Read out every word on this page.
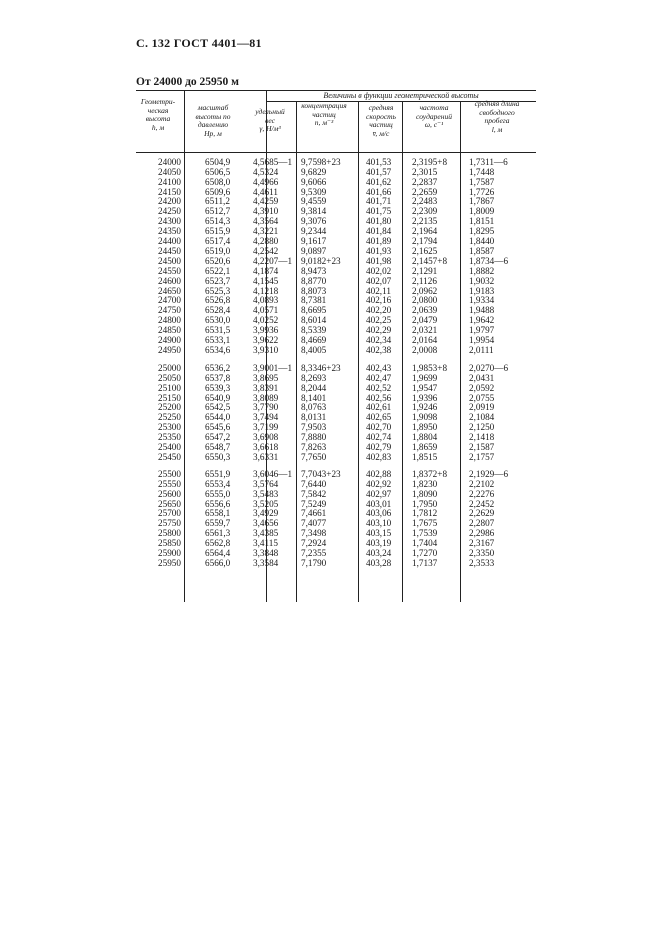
С. 132 ГОСТ 4401—81
От 24000 до 25950 м
Величины в функции геометрической высоты
Геометри-
ческая
высота
h, м
масштаб
высоты по
давлению
Hр, м
удельный
вес
γ, Н/м³
концентрация
частиц
n, м⁻³
средняя
скорость
частиц
v̄, м/с
частота
соударений
ω, с⁻¹
средняя длина
свободного
пробега
l, м
24000	6504,9 4,5685—1 9,7598+23	401,53 2,3195+8 1,7311—6
24050	6506,5 4,5324 9,6829	401,57 2,3015	1,7448
24100	6508,0 4,4966 9,6066	401,62 2,2837	1,7587
24150	6509,6 4,4611	9,5309	401,66 2,2659	1,7726
24200	6511,2	4,4259 9,4559	401,71 2,2483	1,7867
24250	6512,7 4,3910 9,3814	401,75 2,2309	1,8009
24300	6514,3 4,3564 9,3076	401,80 2,2135	1,8151
24350	6515,9 4,3221 9,2344	401,84 2,1964	1,8295
24400	6517,4 4,2880 9,1617	401,89 2,1794	1,8440
24450	6519,0 4,2542 9,0897	401,93 2,1625	1,8587
24500	6520,6 4,2207—1 9,0182+23	401,98 2,1457+8 1,8734—6
24550	6522,1 4,1874 8,9473	402,02 2,1291	1,8882
24600	6523,7 4,1545 8,8770	402,07 2,1126	1,9032
24650	6525,3 4,1218 8,8073	402,11 2,0962	1,9183
24700	6526,8 4,0893 8,7381	402,16 2,0800	1,9334
24750	6528,4 4,0571 8,6695	402,20 2,0639	1,9488
24800	6530,0 4,0252 8,6014	402,25 2,0479	1,9642
24850	6531,5 3,9936 8,5339	402,29 2,0321	1,9797
24900	6533,1 3,9622 8,4669	402,34 2,0164	1,9954
24950	6534,6 3,9310 8,4005	402,38 2,0008	2,0111
25000	6536,2 3,9001—1 8,3346+23	402,43 1,9853+8 2,0270—6
25050	6537,8 3,8695 8,2693	402,47 1,9699	2,0431
25100	6539,3 3,8391 8,2044	402,52 1,9547	2,0592
25150	6540,9 3,8089 8,1401	402,56 1,9396	2,0755
25200	6542,5 3,7790 8,0763	402,61 1,9246	2,0919
25250	6544,0 3,7494 8,0131	402,65 1,9098	2,1084
25300	6545,6 3,7199 7,9503	402,70 1,8950	2,1250
25350	6547,2 3,6908 7,8880	402,74 1,8804	2,1418
25400	6548,7 3,6618 7,8263	402,79 1,8659	2,1587
25450	6550,3 3,6331 7,7650	402,83 1,8515	2,1757
25500	6551,9 3,6046—1 7,7043+23	402,88 1,8372+8 2,1929—6
25550	6553,4 3,5764 7,6440	402,92 1,8230	2,2102
25600	6555,0 3,5483 7,5842	402,97 1,8090	2,2276
25650	6556,6 3,5205 7,5249	403,01 1,7950	2,2452
25700	6558,1 3,4929 7,4661	403,06 1,7812	2,2629
25750	6559,7 3,4656 7,4077	403,10 1,7675	2,2807
25800	6561,3 3,4385 7,3498	403,15 1,7539	2,2986
25850	6562,8 3,4115	7,2924	403,19 1,7404	2,3167
25900	6564,4 3,3848 7,2355	403,24 1,7270	2,3350
25950	6566,0 3,3584 7,1790	403,28 1,7137	2,3533
